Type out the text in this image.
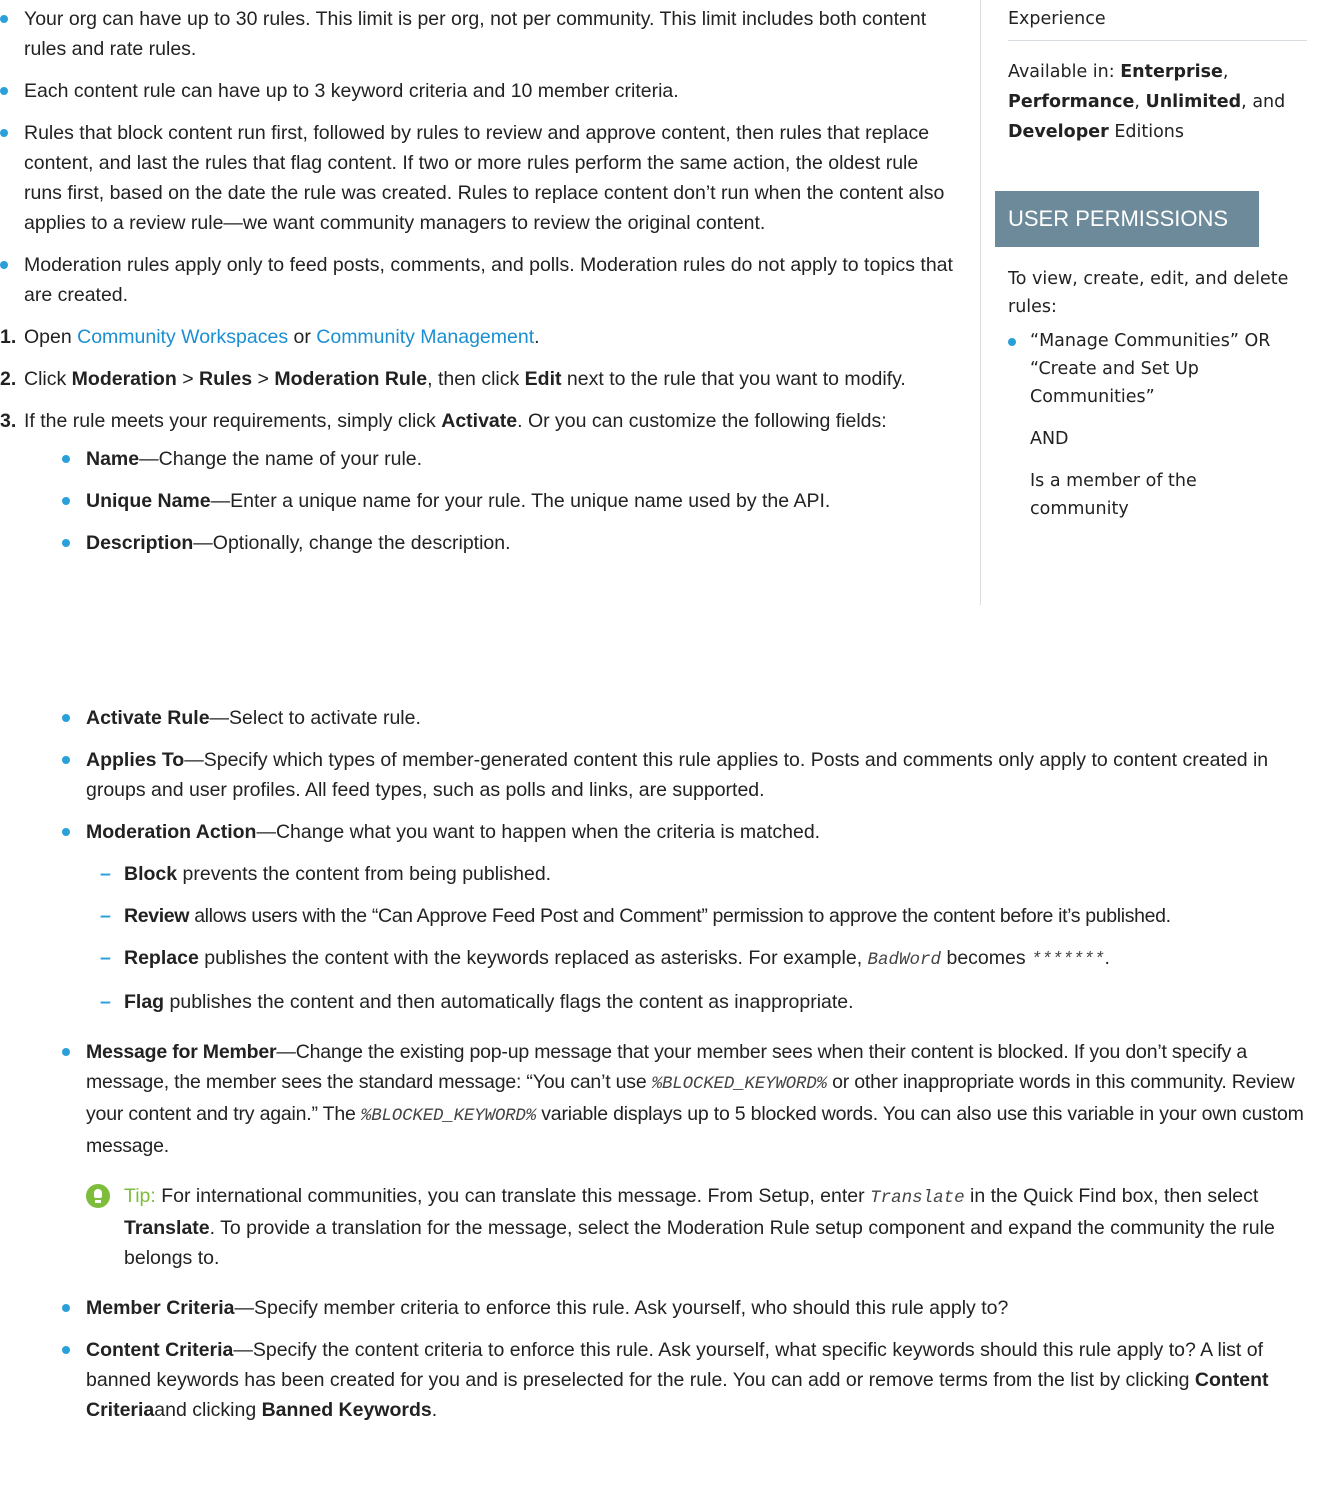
Your org can have up to 30 rules. This limit is per org, not per community. This limit includes both content rules and rate rules.
Each content rule can have up to 3 keyword criteria and 10 member criteria.
Rules that block content run first, followed by rules to review and approve content, then rules that replace content, and last the rules that flag content. If two or more rules perform the same action, the oldest rule runs first, based on the date the rule was created. Rules to replace content don’t run when the content also applies to a review rule—we want community managers to review the original content.
Moderation rules apply only to feed posts, comments, and polls. Moderation rules do not apply to topics that are created.
1. Open Community Workspaces or Community Management.
2. Click Moderation > Rules > Moderation Rule, then click Edit next to the rule that you want to modify.
3. If the rule meets your requirements, simply click Activate. Or you can customize the following fields:
Name—Change the name of your rule.
Unique Name—Enter a unique name for your rule. The unique name used by the API.
Description—Optionally, change the description.
Activate Rule—Select to activate rule.
Applies To—Specify which types of member-generated content this rule applies to. Posts and comments only apply to content created in groups and user profiles. All feed types, such as polls and links, are supported.
Moderation Action—Change what you want to happen when the criteria is matched.
– Block prevents the content from being published.
– Review allows users with the “Can Approve Feed Post and Comment” permission to approve the content before it’s published.
– Replace publishes the content with the keywords replaced as asterisks. For example, BadWord becomes *******.
– Flag publishes the content and then automatically flags the content as inappropriate.
Message for Member—Change the existing pop-up message that your member sees when their content is blocked. If you don’t specify a message, the member sees the standard message: “You can’t use %BLOCKED_KEYWORD% or other inappropriate words in this community. Review your content and try again.” The %BLOCKED_KEYWORD% variable displays up to 5 blocked words. You can also use this variable in your own custom message.
Tip: For international communities, you can translate this message. From Setup, enter Translate in the Quick Find box, then select Translate. To provide a translation for the message, select the Moderation Rule setup component and expand the community the rule belongs to.
Member Criteria—Specify member criteria to enforce this rule. Ask yourself, who should this rule apply to?
Content Criteria—Specify the content criteria to enforce this rule. Ask yourself, what specific keywords should this rule apply to? A list of banned keywords has been created for you and is preselected for the rule. You can add or remove terms from the list by clicking Content Criteriaand clicking Banned Keywords.
Experience
Available in: Enterprise, Performance, Unlimited, and Developer Editions
USER PERMISSIONS
To view, create, edit, and delete rules:
“Manage Communities” OR “Create and Set Up Communities”
AND
Is a member of the community
